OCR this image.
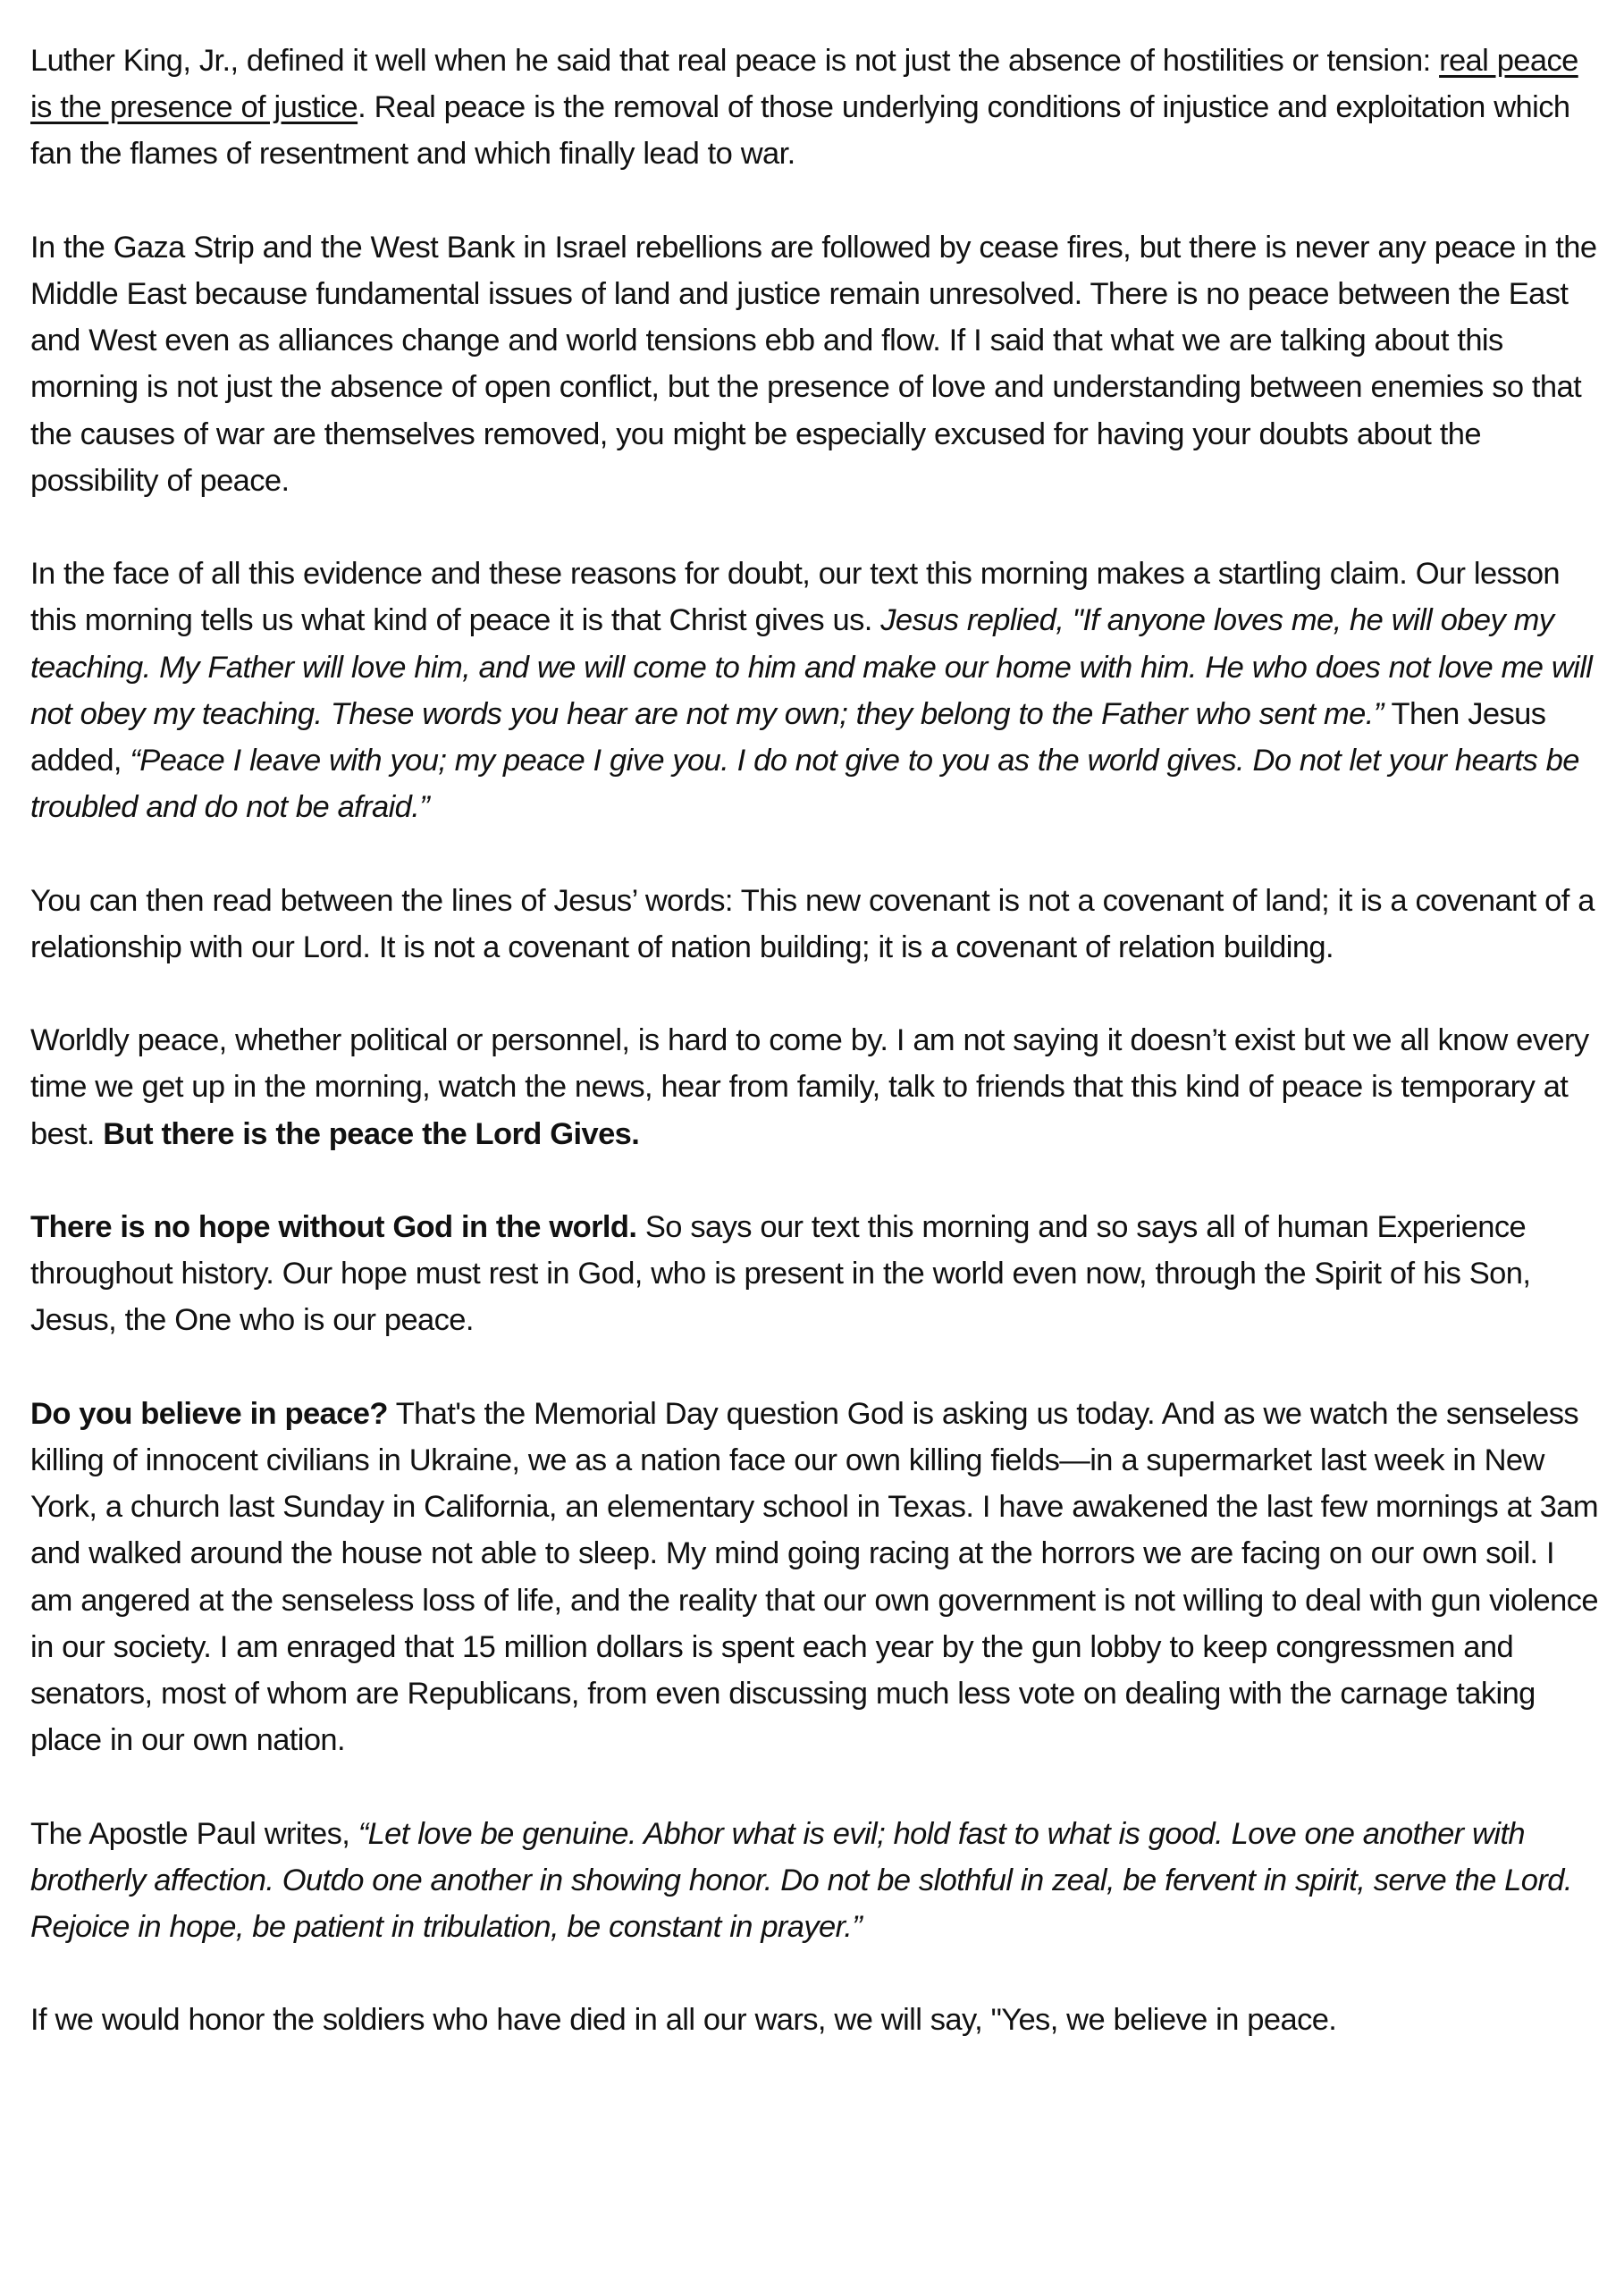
Luther King, Jr., defined it well when he said that real peace is not just the absence of hostilities or tension: real peace is the presence of justice. Real peace is the removal of those underlying conditions of injustice and exploitation which fan the flames of resentment and which finally lead to war.

In the Gaza Strip and the West Bank in Israel rebellions are followed by cease fires, but there is never any peace in the Middle East because fundamental issues of land and justice remain unresolved. There is no peace between the East and West even as alliances change and world tensions ebb and flow. If I said that what we are talking about this morning is not just the absence of open conflict, but the presence of love and understanding between enemies so that the causes of war are themselves removed, you might be especially excused for having your doubts about the possibility of peace.

In the face of all this evidence and these reasons for doubt, our text this morning makes a startling claim. Our lesson this morning tells us what kind of peace it is that Christ gives us. Jesus replied, "If anyone loves me, he will obey my teaching. My Father will love him, and we will come to him and make our home with him. He who does not love me will not obey my teaching. These words you hear are not my own; they belong to the Father who sent me.” Then Jesus added, “Peace I leave with you; my peace I give you. I do not give to you as the world gives. Do not let your hearts be troubled and do not be afraid.”

You can then read between the lines of Jesus’ words: This new covenant is not a covenant of land; it is a covenant of a relationship with our Lord. It is not a covenant of nation building; it is a covenant of relation building.

Worldly peace, whether political or personnel, is hard to come by. I am not saying it doesn’t exist but we all know every time we get up in the morning, watch the news, hear from family, talk to friends that this kind of peace is temporary at best. But there is the peace the Lord Gives.

There is no hope without God in the world. So says our text this morning and so says all of human Experience throughout history. Our hope must rest in God, who is present in the world even now, through the Spirit of his Son, Jesus, the One who is our peace.

Do you believe in peace? That's the Memorial Day question God is asking us today. And as we watch the senseless killing of innocent civilians in Ukraine, we as a nation face our own killing fields—in a supermarket last week in New York, a church last Sunday in California, an elementary school in Texas. I have awakened the last few mornings at 3am and walked around the house not able to sleep. My mind going racing at the horrors we are facing on our own soil. I am angered at the senseless loss of life, and the reality that our own government is not willing to deal with gun violence in our society. I am enraged that 15 million dollars is spent each year by the gun lobby to keep congressmen and senators, most of whom are Republicans, from even discussing much less vote on dealing with the carnage taking place in our own nation.

The Apostle Paul writes, “Let love be genuine. Abhor what is evil; hold fast to what is good. Love one another with brotherly affection. Outdo one another in showing honor. Do not be slothful in zeal, be fervent in spirit, serve the Lord. Rejoice in hope, be patient in tribulation, be constant in prayer.”

If we would honor the soldiers who have died in all our wars, we will say, "Yes, we believe in peace.
